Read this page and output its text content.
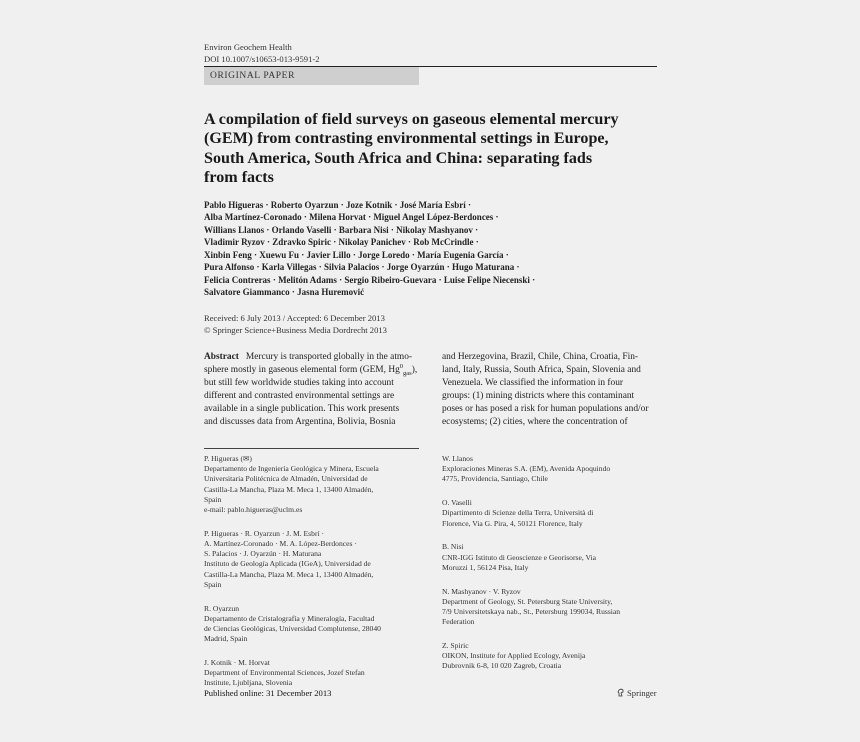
Environ Geochem Health
DOI 10.1007/s10653-013-9591-2
ORIGINAL PAPER
A compilation of field surveys on gaseous elemental mercury
(GEM) from contrasting environmental settings in Europe,
South America, South Africa and China: separating fads
from facts
Pablo Higueras · Roberto Oyarzun · Joze Kotnik · José María Esbrí ·
Alba Martínez-Coronado · Milena Horvat · Miguel Angel López-Berdonces ·
Willians Llanos · Orlando Vaselli · Barbara Nisi · Nikolay Mashyanov ·
Vladimir Ryzov · Zdravko Spiric · Nikolay Panichev · Rob McCrindle ·
Xinbin Feng · Xuewu Fu · Javier Lillo · Jorge Loredo · María Eugenia García ·
Pura Alfonso · Karla Villegas · Silvia Palacios · Jorge Oyarzún · Hugo Maturana ·
Felicia Contreras · Melitón Adams · Sergio Ribeiro-Guevara · Luise Felipe Niecenski ·
Salvatore Giammanco · Jasna Huremović
Received: 6 July 2013 / Accepted: 6 December 2013
© Springer Science+Business Media Dordrecht 2013
Abstract Mercury is transported globally in the atmo-
sphere mostly in gaseous elemental form (GEM, $Hg^0_{gas}$),
but still few worldwide studies taking into account
different and contrasted environmental settings are
available in a single publication. This work presents
and discusses data from Argentina, Bolivia, Bosnia
and Herzegovina, Brazil, Chile, China, Croatia, Fin-
land, Italy, Russia, South Africa, Spain, Slovenia and
Venezuela. We classified the information in four
groups: (1) mining districts where this contaminant
poses or has posed a risk for human populations and/or
ecosystems; (2) cities, where the concentration of
P. Higueras (✉)
Departamento de Ingeniería Geológica y Minera, Escuela
Universitaria Politécnica de Almadén, Universidad de
Castilla-La Mancha, Plaza M. Meca 1, 13400 Almadén,
Spain
e-mail: pablo.higueras@uclm.es
P. Higueras · R. Oyarzun · J. M. Esbrí ·
A. Martínez-Coronado · M. A. López-Berdonces ·
S. Palacios · J. Oyarzún · H. Maturana
Instituto de Geología Aplicada (IGeA), Universidad de
Castilla-La Mancha, Plaza M. Meca 1, 13400 Almadén,
Spain
R. Oyarzun
Departamento de Cristalografía y Mineralogía, Facultad
de Ciencias Geológicas, Universidad Complutense, 28040
Madrid, Spain
J. Kotnik · M. Horvat
Department of Environmental Sciences, Jozef Stefan
Institute, Ljubljana, Slovenia
W. Llanos
Exploraciones Mineras S.A. (EM), Avenida Apoquindo
4775, Providencia, Santiago, Chile
O. Vaselli
Dipartimento di Scienze della Terra, Università di
Florence, Via G. Pira, 4, 50121 Florence, Italy
B. Nisi
CNR-IGG Istituto di Geoscienze e Georisorse, Via
Moruzzi 1, 56124 Pisa, Italy
N. Mashyanov · V. Ryzov
Department of Geology, St. Petersburg State University,
7/9 Universitetskaya nab., St., Petersburg 199034, Russian
Federation
Z. Spiric
OIKON, Institute for Applied Ecology, Avenija
Dubrovnik 6-8, 10 020 Zagreb, Croatia
Published online: 31 December 2013	Springer
